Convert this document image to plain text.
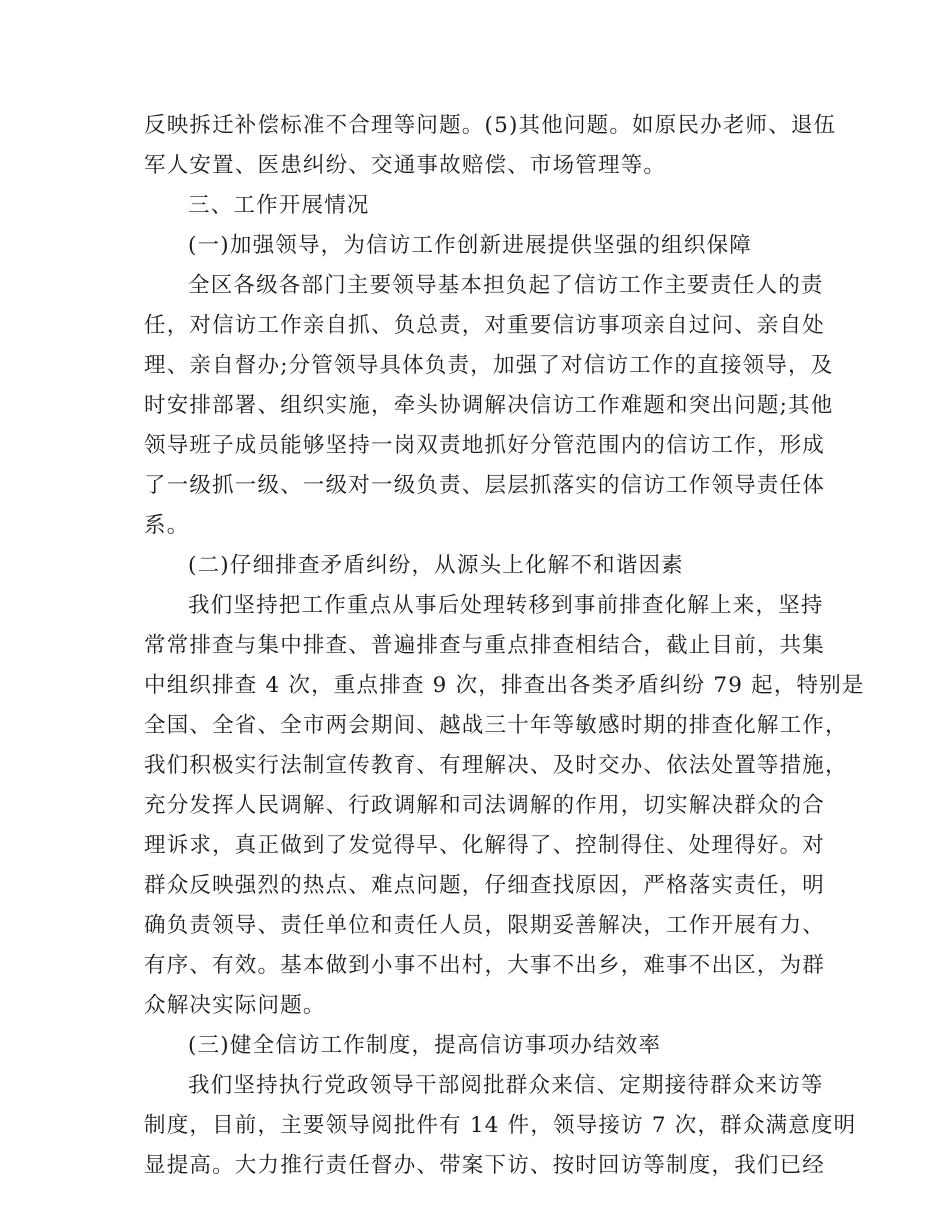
反映拆迁补偿标准不合理等问题。(5)其他问题。如原民办老师、退伍
军人安置、医患纠纷、交通事故赔偿、市场管理等。
三、工作开展情况
(一)加强领导，为信访工作创新进展提供坚强的组织保障
全区各级各部门主要领导基本担负起了信访工作主要责任人的责
任，对信访工作亲自抓、负总责，对重要信访事项亲自过问、亲自处
理、亲自督办;分管领导具体负责，加强了对信访工作的直接领导，及
时安排部署、组织实施，牵头协调解决信访工作难题和突出问题;其他
领导班子成员能够坚持一岗双责地抓好分管范围内的信访工作，形成
了一级抓一级、一级对一级负责、层层抓落实的信访工作领导责任体
系。
(二)仔细排查矛盾纠纷，从源头上化解不和谐因素
我们坚持把工作重点从事后处理转移到事前排查化解上来，坚持
常常排查与集中排查、普遍排查与重点排查相结合，截止目前，共集
中组织排查 4 次，重点排查 9 次，排查出各类矛盾纠纷 79 起，特别是
全国、全省、全市两会期间、越战三十年等敏感时期的排查化解工作，
我们积极实行法制宣传教育、有理解决、及时交办、依法处置等措施，
充分发挥人民调解、行政调解和司法调解的作用，切实解决群众的合
理诉求，真正做到了发觉得早、化解得了、控制得住、处理得好。对
群众反映强烈的热点、难点问题，仔细查找原因，严格落实责任，明
确负责领导、责任单位和责任人员，限期妥善解决，工作开展有力、
有序、有效。基本做到小事不出村，大事不出乡，难事不出区，为群
众解决实际问题。
(三)健全信访工作制度，提高信访事项办结效率
我们坚持执行党政领导干部阅批群众来信、定期接待群众来访等
制度，目前，主要领导阅批件有 14 件，领导接访 7 次，群众满意度明
显提高。大力推行责任督办、带案下访、按时回访等制度，我们已经
